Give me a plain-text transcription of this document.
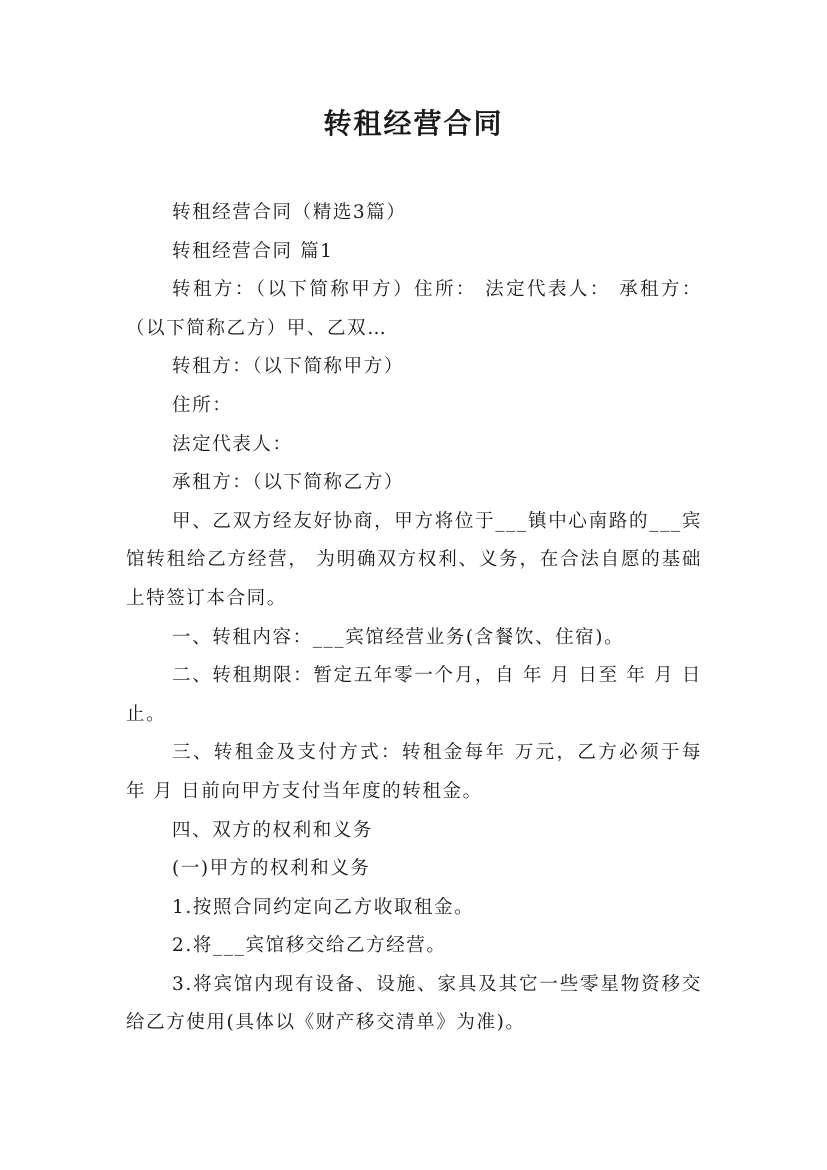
转租经营合同

转租经营合同（精选3篇）

转租经营合同 篇1

转租方：（以下简称甲方）住所： 法定代表人： 承租方：（以下简称乙方）甲、乙双…

转租方：（以下简称甲方）

住所：

法定代表人：

承租方：（以下简称乙方）

甲、乙双方经友好协商，甲方将位于___镇中心南路的___宾馆转租给乙方经营， 为明确双方权利、义务，在合法自愿的基础上特签订本合同。

一、转租内容：___宾馆经营业务(含餐饮、住宿)。

二、转租期限：暂定五年零一个月，自 年 月 日至 年 月 日止。

三、转租金及支付方式：转租金每年 万元，乙方必须于每年 月 日前向甲方支付当年度的转租金。

四、双方的权利和义务

(一)甲方的权利和义务

1.按照合同约定向乙方收取租金。

2.将___宾馆移交给乙方经营。

3.将宾馆内现有设备、设施、家具及其它一些零星物资移交给乙方使用(具体以《财产移交清单》为准)。
